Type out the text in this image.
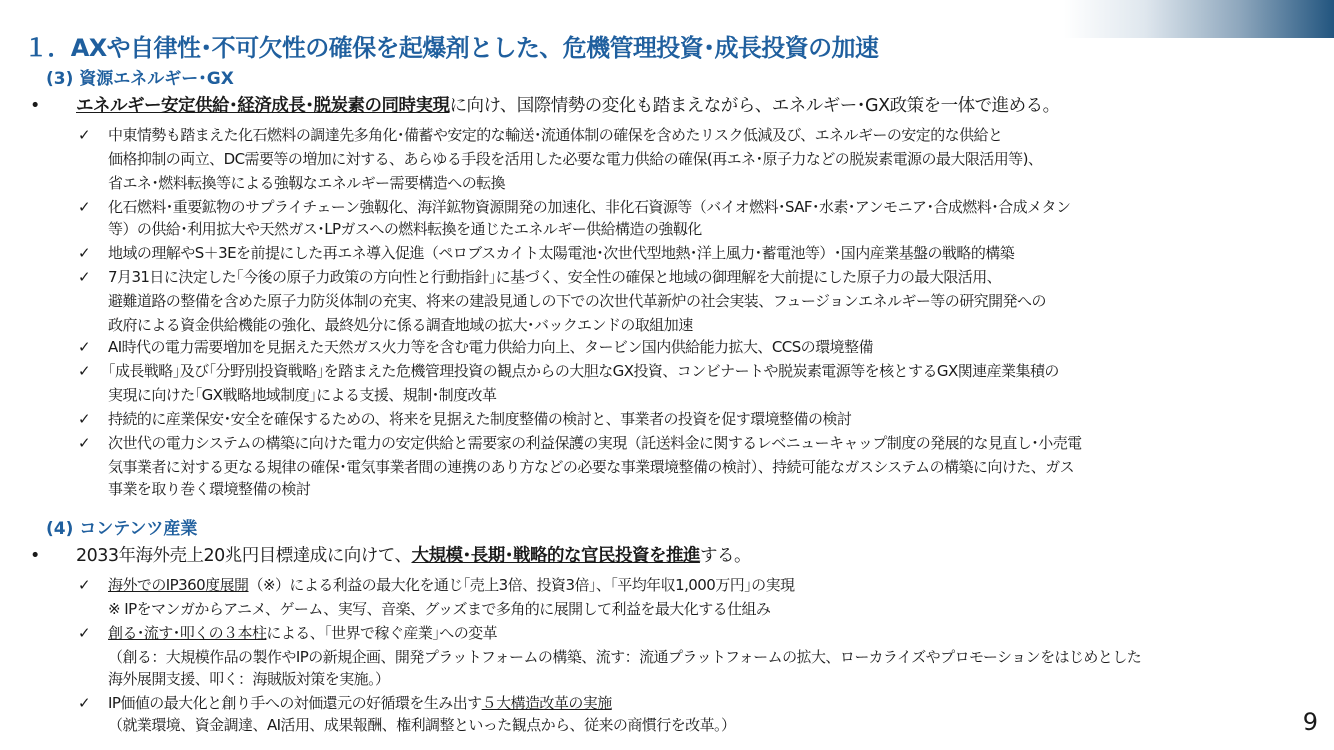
１．AXや自律性･不可欠性の確保を起爆剤とした、危機管理投資･成長投資の加速
(3) 資源エネルギー･GX
• エネルギー安定供給･経済成長･脱炭素の同時実現に向け、国際情勢の変化も踏まえながら、エネルギー･GX政策を一体で進める。
✓ 中東情勢も踏まえた化石燃料の調達先多角化･備蓄や安定的な輸送･流通体制の確保を含めたリスク低減及び、エネルギーの安定的な供給と
価格抑制の両立、DC需要等の増加に対する、あらゆる手段を活用した必要な電力供給の確保(再エネ･原子力などの脱炭素電源の最大限活用等)、
省エネ･燃料転換等による強靱なエネルギー需要構造への転換
✓ 化石燃料･重要鉱物のサプライチェーン強靱化、海洋鉱物資源開発の加速化、非化石資源等（バイオ燃料･SAF･水素･アンモニア･合成燃料･合成メタン
等）の供給･利用拡大や天然ガス･LPガスへの燃料転換を通じたエネルギー供給構造の強靱化
✓ 地域の理解やS＋3Eを前提にした再エネ導入促進（ペロブスカイト太陽電池･次世代型地熱･洋上風力･蓄電池等）･国内産業基盤の戦略的構築
✓ 7月31日に決定した｢今後の原子力政策の方向性と行動指針｣に基づく、安全性の確保と地域の御理解を大前提にした原子力の最大限活用、
避難道路の整備を含めた原子力防災体制の充実、将来の建設見通しの下での次世代革新炉の社会実装、フュージョンエネルギー等の研究開発への
政府による資金供給機能の強化、最終処分に係る調査地域の拡大･バックエンドの取組加速
✓ AI時代の電力需要増加を見据えた天然ガス火力等を含む電力供給力向上、タービン国内供給能力拡大、CCSの環境整備
✓ ｢成長戦略｣及び｢分野別投資戦略｣を踏まえた危機管理投資の観点からの大胆なGX投資、コンビナートや脱炭素電源等を核とするGX関連産業集積の
実現に向けた｢GX戦略地域制度｣による支援、規制･制度改革
✓ 持続的に産業保安･安全を確保するための、将来を見据えた制度整備の検討と、事業者の投資を促す環境整備の検討
✓ 次世代の電力システムの構築に向けた電力の安定供給と需要家の利益保護の実現（託送料金に関するレベニューキャップ制度の発展的な見直し･小売電
気事業者に対する更なる規律の確保･電気事業者間の連携のあり方などの必要な事業環境整備の検討）、持続可能なガスシステムの構築に向けた、ガス
事業を取り巻く環境整備の検討
(4) コンテンツ産業
• 2033年海外売上20兆円目標達成に向けて、大規模･長期･戦略的な官民投資を推進する。
✓ 海外でのIP360度展開（※）による利益の最大化を通じ｢売上3倍、投資3倍｣、｢平均年収1,000万円｣の実現
※ IPをマンガからアニメ、ゲーム、実写、音楽、グッズまで多角的に展開して利益を最大化する仕組み
✓ 創る･流す･叩くの３本柱による、｢世界で稼ぐ産業｣への変革
（創る：大規模作品の製作やIPの新規企画、開発プラットフォームの構築、流す：流通プラットフォームの拡大、ローカライズやプロモーションをはじめとした
海外展開支援、叩く：海賊版対策を実施。）
✓ IP価値の最大化と創り手への対価還元の好循環を生み出す５大構造改革の実施
（就業環境、資金調達、AI活用、成果報酬、権利調整といった観点から、従来の商慣行を改革。）	9
